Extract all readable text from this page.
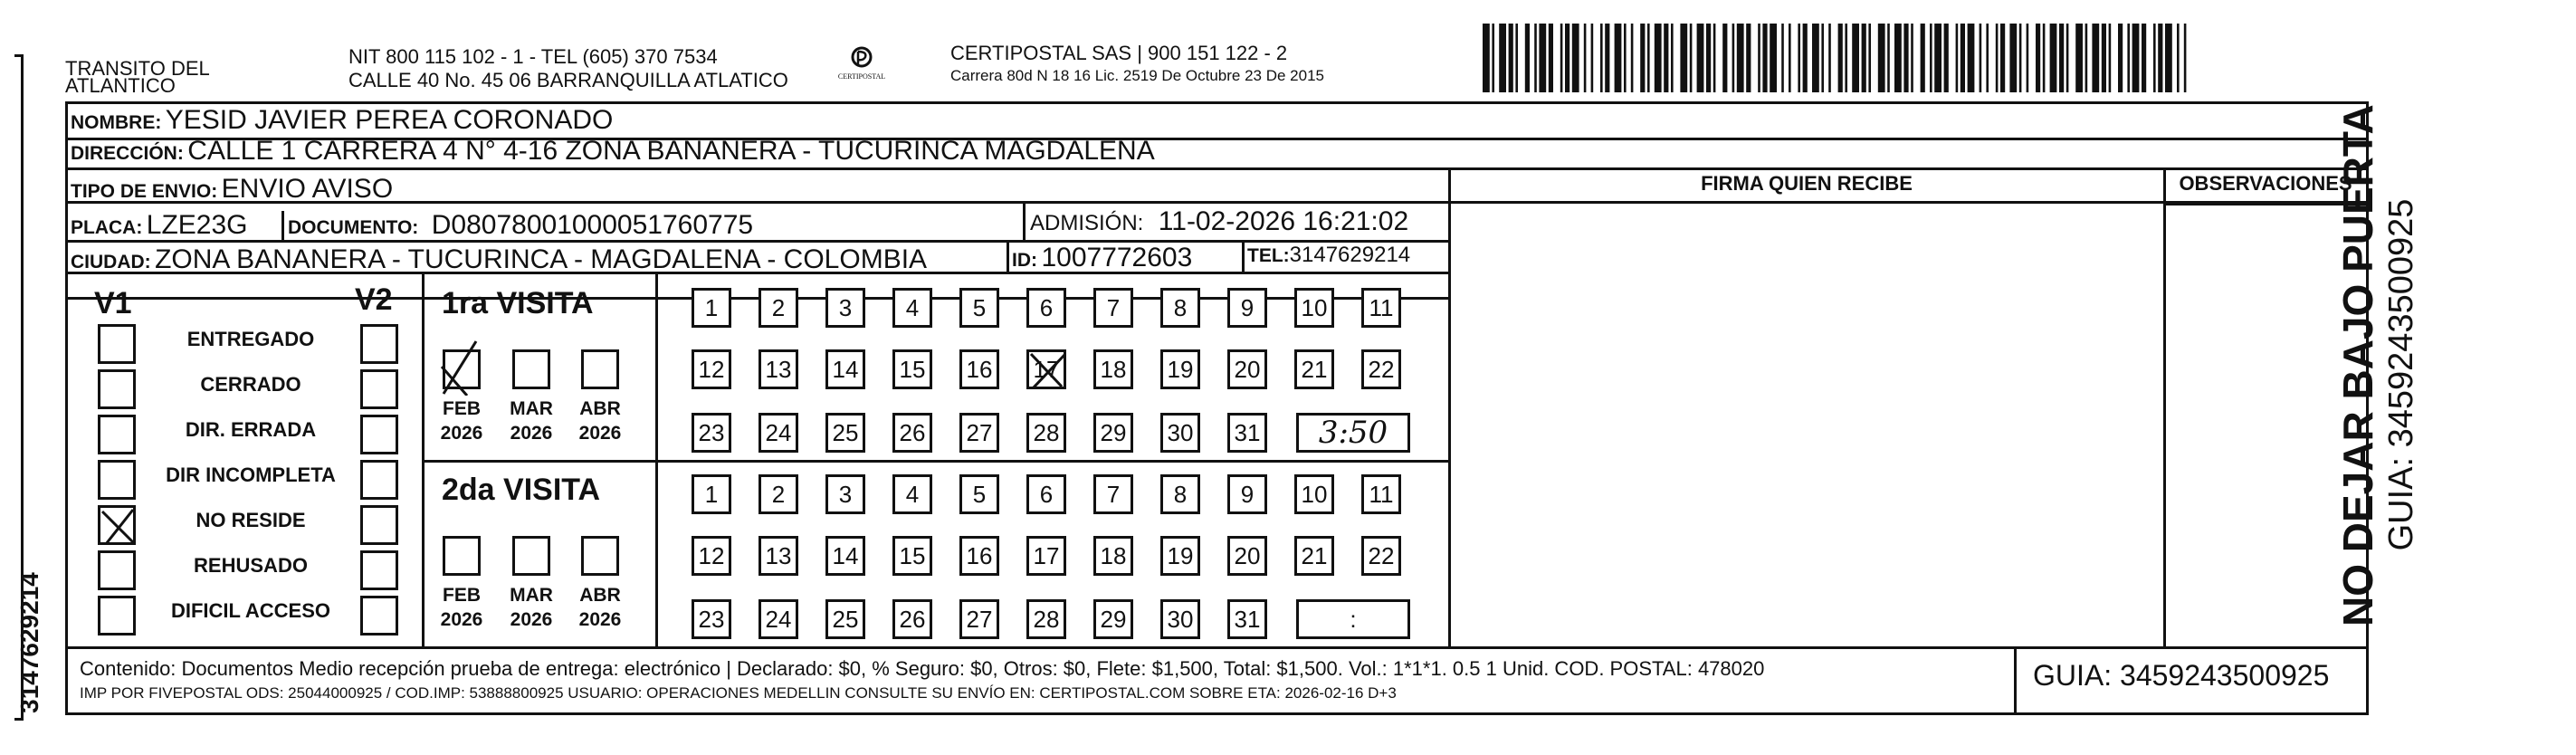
3147629214
TRANSITO DEL
ATLANTICO
NIT 800 115 102 - 1 - TEL (605) 370 7534
CALLE 40 No. 45 06 BARRANQUILLA ATLATICO	CERTIPOSTAL
CERTIPOSTAL SAS | 900 151 122 - 2
Carrera 80d N 18 16 Lic. 2519 De Octubre 23 De 2015
FIRMA QUIEN RECIBE	OBSERVACIONES
NOMBRE: YESID JAVIER PEREA CORONADO
DIRECCIÓN: CALLE 1 CARRERA 4 N° 4-16 ZONA BANANERA - TUCURINCA MAGDALENA
TIPO DE ENVIO: ENVIO AVISO
PLACA: LZE23G DOCUMENTO: D08078001000051760775	ADMISIÓN: 11-02-2026 16:21:02
CIUDAD: ZONA BANANERA - TUCURINCA - MAGDALENA - COLOMBIA	ID: 1007772603	TEL:3147629214
V1	V2
ENTREGADO
CERRADO
DIR. ERRADA
DIR INCOMPLETA
NO RESIDE
REHUSADO
DIFICIL ACCESO
1ra VISITA
2da VISITA
FEB
2026
MAR
2026
ABR
2026
1 2 3 4 5 6 7 8 9 10 11
12 13 14 15 16 17 18 19 20 21 22
23 24 25 26 27 28 29 30 31 3:50
FEB
2026
MAR
2026
ABR
2026
1 2 3 4 5 6 7 8 9 10 11
12 13 14 15 16 17 18 19 20 21 22
23 24 25 26 27 28 29 30 31	:
Contenido: Documentos Medio recepción prueba de entrega: electrónico | Declarado: $0, % Seguro: $0, Otros: $0, Flete: $1,500, Total: $1,500. Vol.: 1*1*1. 0.5 1 Unid. COD. POSTAL: 478020
IMP POR FIVEPOSTAL ODS: 25044000925 / COD.IMP: 53888800925 USUARIO: OPERACIONES MEDELLIN CONSULTE SU ENVÍO EN: CERTIPOSTAL.COM SOBRE ETA: 2026-02-16 D+3
GUIA: 3459243500925
NO DEJAR BAJO PUERTA GUIA: 3459243500925
